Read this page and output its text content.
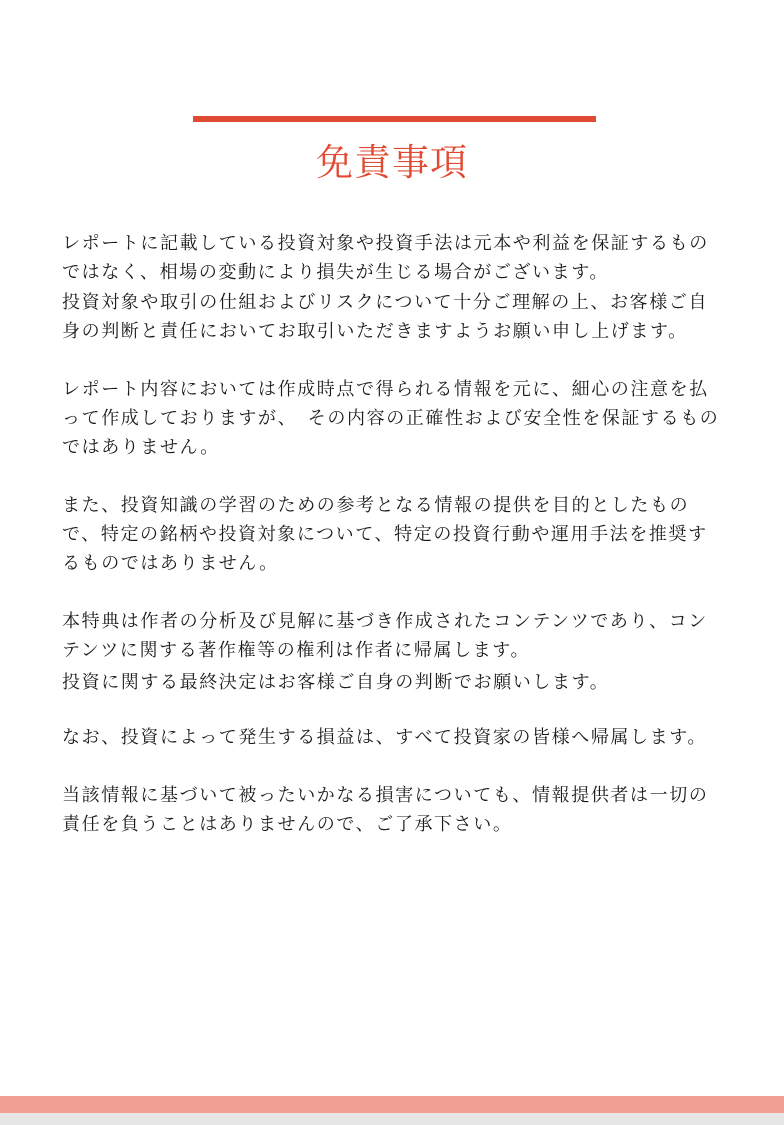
免責事項
レポートに記載している投資対象や投資手法は元本や利益を保証するもの
ではなく、相場の変動により損失が生じる場合がございます。
投資対象や取引の仕組およびリスクについて十分ご理解の上、お客様ご自
身の判断と責任においてお取引いただきますようお願い申し上げます。
レポート内容においては作成時点で得られる情報を元に、細心の注意を払
って作成しておりますが、　その内容の正確性および安全性を保証するもの
ではありません。
また、投資知識の学習のための参考となる情報の提供を目的としたもの
で、特定の銘柄や投資対象について、特定の投資行動や運用手法を推奨す
るものではありません。
本特典は作者の分析及び見解に基づき作成されたコンテンツであり、コン
テンツに関する著作権等の権利は作者に帰属します。
投資に関する最終決定はお客様ご自身の判断でお願いします。
なお、投資によって発生する損益は、すべて投資家の皆様へ帰属します。
当該情報に基づいて被ったいかなる損害についても、情報提供者は一切の
責任を負うことはありませんので、ご了承下さい。
